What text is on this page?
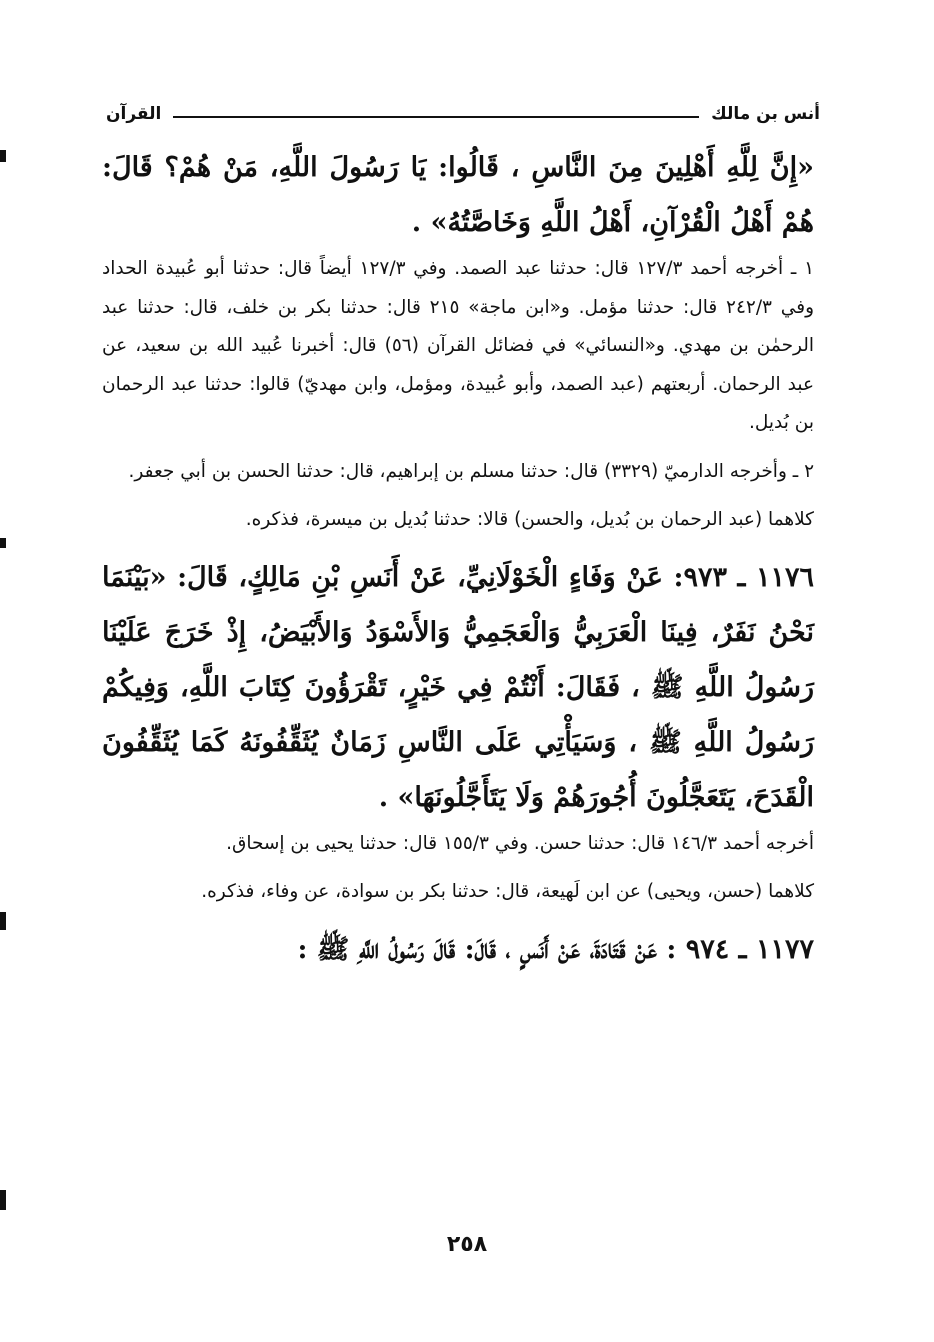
القرآن	أنس بن مالك

«إِنَّ لِلَّهِ أَهْلِينَ مِنَ النَّاسِ ، قَالُوا: يَا رَسُولَ اللَّهِ، مَنْ هُمْ؟ قَالَ: هُمْ أَهْلُ الْقُرْآنِ، أَهْلُ اللَّهِ وَخَاصَّتُهُ» .

١ ـ أخرجه أحمد ١٢٧/٣ قال: حدثنا عبد الصمد. وفي ١٢٧/٣ أيضاً قال: حدثنا أبو عُبيدة الحداد وفي ٢٤٢/٣ قال: حدثنا مؤمل. و«ابن ماجة» ٢١٥ قال: حدثنا بكر بن خلف، قال: حدثنا عبد الرحمٰن بن مهدي. و«النسائي» في فضائل القرآن (٥٦) قال: أخبرنا عُبيد الله بن سعيد، عن عبد الرحمان. أربعتهم (عبد الصمد، وأبو عُبيدة، ومؤمل، وابن مهديّ) قالوا: حدثنا عبد الرحمان بن بُديل.

٢ ـ وأخرجه الدارميّ (٣٣٢٩) قال: حدثنا مسلم بن إبراهيم، قال: حدثنا الحسن بن أبي جعفر.

كلاهما (عبد الرحمان بن بُديل، والحسن) قالا: حدثنا بُديل بن ميسرة، فذكره.

١١٧٦ ـ ٩٧٣: عَنْ وَفَاءٍ الْخَوْلَانِيِّ، عَنْ أَنَسِ بْنِ مَالِكٍ، قَالَ: «بَيْنَمَا نَحْنُ نَفَرٌ، فِينَا الْعَرَبِيُّ وَالْعَجَمِيُّ وَالأَسْوَدُ وَالأَبْيَضُ، إِذْ خَرَجَ عَلَيْنَا رَسُولُ اللَّهِ ﷺ ، فَقَالَ: أَنْتُمْ فِي خَيْرٍ، تَقْرَؤُونَ كِتَابَ اللَّهِ، وَفِيكُمْ رَسُولُ اللَّهِ ﷺ ، وَسَيَأْتِي عَلَى النَّاسِ زَمَانٌ يُثَقِّفُونَهُ كَمَا يُثَقِّفُونَ الْقَدَحَ، يَتَعَجَّلُونَ أُجُورَهُمْ وَلَا يَتَأَجَّلُونَهَا» .

أخرجه أحمد ١٤٦/٣ قال: حدثنا حسن. وفي ١٥٥/٣ قال: حدثنا يحيى بن إسحاق.

كلاهما (حسن، ويحيى) عن ابن لَهيعة، قال: حدثنا بكر بن سوادة، عن وفاء، فذكره.

١١٧٧ ـ ٩٧٤ : عَنْ قَتَادَةَ، عَنْ أَنَسٍ ، قَالَ: قَالَ رَسُولُ اللَّهِ ﷺ :

٢٥٨
